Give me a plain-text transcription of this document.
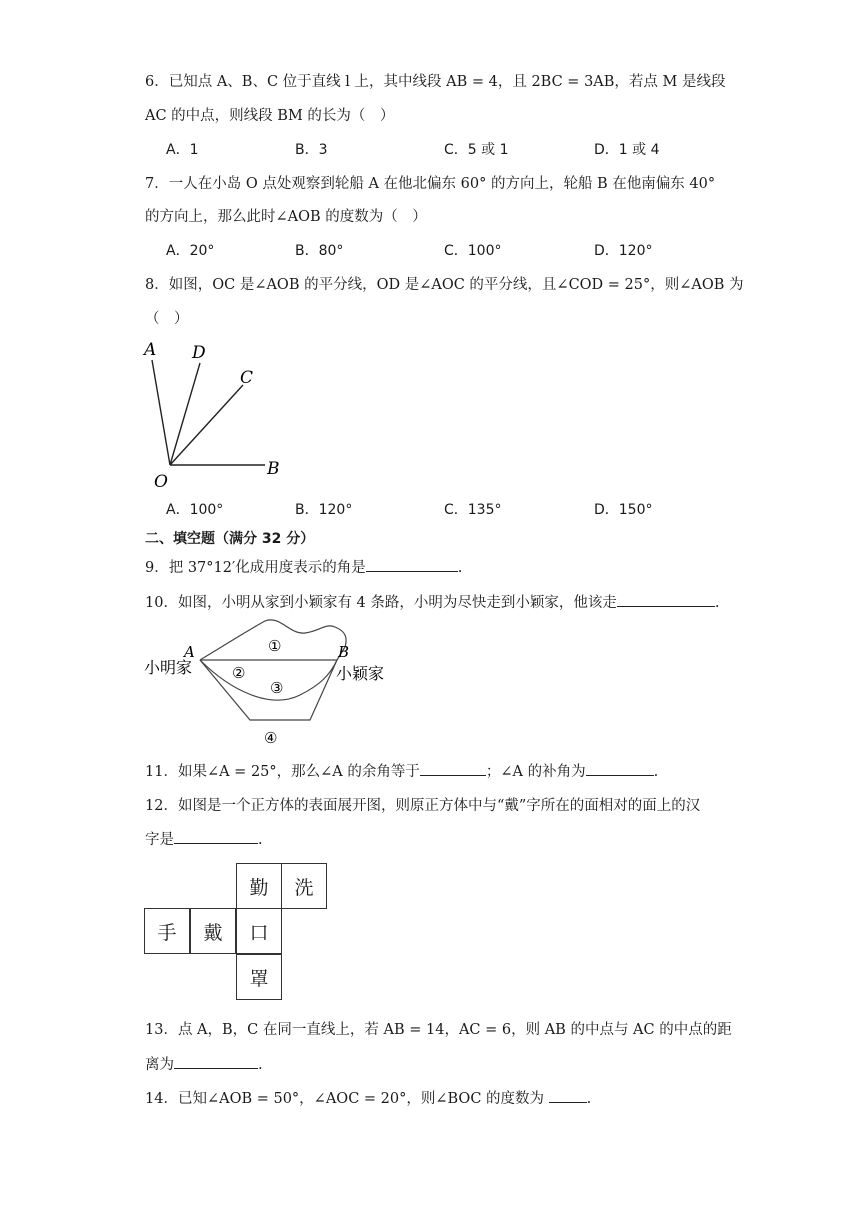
6．已知点 A、B、C 位于直线 l 上，其中线段 AB = 4，且 2BC = 3AB，若点 M 是线段
AC 的中点，则线段 BM 的长为（　）
A．1	B．3	C．5 或 1	D．1 或 4
7．一人在小岛 O 点处观察到轮船 A 在他北偏东 60° 的方向上，轮船 B 在他南偏东 40°
的方向上，那么此时∠AOB 的度数为（　）
A．20°	B．80°	C．100°	D．120°
8．如图，OC 是∠AOB 的平分线，OD 是∠AOC 的平分线，且∠COD = 25°，则∠AOB 为
（　）
A D
C
O
B
A．100°	B．120°	C．135°	D．150°
二、填空题（满分 32 分）
9．把 37°12′化成用度表示的角是	.
10．如图，小明从家到小颖家有 4 条路，小明为尽快走到小颖家，他该走	.
A	B
小明家	小颖家
①
②
③
④
11．如果∠A = 25°，那么∠A 的余角等于	；∠A 的补角为	.
12．如图是一个正方体的表面展开图，则原正方体中与“戴”字所在的面相对的面上的汉
字是	.
勤	洗
手	戴	口
罩
13．点 A，B，C 在同一直线上，若 AB = 14，AC = 6，则 AB 的中点与 AC 的中点的距
离为	.
14．已知∠AOB = 50°，∠AOC = 20°，则∠BOC 的度数为	.
